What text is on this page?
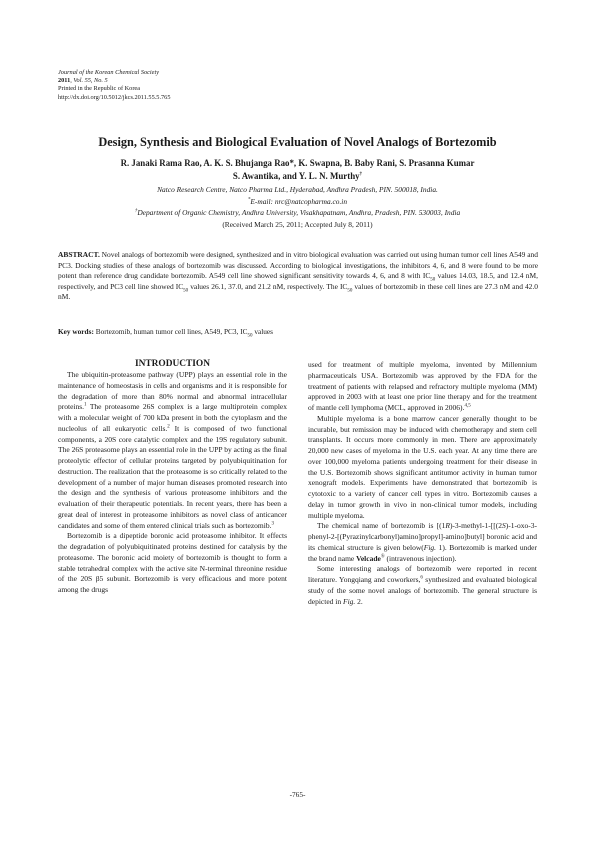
Journal of the Korean Chemical Society
2011, Vol. 55, No. 5
Printed in the Republic of Korea
http://dx.doi.org/10.5012/jkcs.2011.55.5.765
Design, Synthesis and Biological Evaluation of Novel Analogs of Bortezomib
R. Janaki Rama Rao, A. K. S. Bhujanga Rao*, K. Swapna, B. Baby Rani, S. Prasanna Kumar
S. Awantika, and Y. L. N. Murthy†
Natco Research Centre, Natco Pharma Ltd., Hyderabad, Andhra Pradesh, PIN. 500018, India.
*E-mail: nrc@natcopharma.co.in
†Department of Organic Chemistry, Andhra University, Visakhapatnam, Andhra, Pradesh, PIN. 530003, India
(Received March 25, 2011; Accepted July 8, 2011)
ABSTRACT. Novel analogs of bortezomib were designed, synthesized and in vitro biological evaluation was carried out using human tumor cell lines A549 and PC3. Docking studies of these analogs of bortezomib was discussed. According to biological investigations, the inhibitors 4, 6, and 8 were found to be more potent than reference drug candidate bortezomib. A549 cell line showed significant sensitivity towards 4, 6, and 8 with $IC_{50}$ values 14.03, 18.5, and 12.4 nM, respectively, and PC3 cell line showed $IC_{50}$ values 26.1, 37.0, and 21.2 nM, respectively. The $IC_{50}$ values of bortezomib in these cell lines are 27.3 nM and 42.0 nM.
Key words: Bortezomib, human tumor cell lines, A549, PC3, $IC_{50}$ values

INTRODUCTION

The ubiquitin-proteasome pathway (UPP) plays an essential role in the maintenance of homeostasis in cells and organisms and it is responsible for the degradation of more than 80% normal and abnormal intracellular proteins.$^1$ The proteasome 26S complex is a large multiprotein complex with a molecular weight of 700 kDa present in both the cytoplasm and the nucleolus of all eukaryotic cells.$^2$ It is composed of two functional components, a 20S core catalytic complex and the 19S regulatory subunit. The 26S proteasome plays an essential role in the UPP by acting as the final proteolytic effector of cellular proteins targeted by polyubiquitination for destruction. The realization that the proteasome is so critically related to the development of a number of major human diseases promoted research into the design and the synthesis of various proteasome inhibitors and the evaluation of their therapeutic potentials. In recent years, there has been a great deal of interest in proteasome inhibitors as novel class of anticancer candidates and some of them entered clinical trials such as bortezomib.$^3$

Bortezomib is a dipeptide boronic acid proteasome inhibitor. It effects the degradation of polyubiquitinated proteins destined for catalysis by the proteasome. The boronic acid moiety of bortezomib is thought to form a stable tetrahedral complex with the active site N-terminal threonine residue of the 20S β5 subunit. Bortezomib is very efficacious and more potent among the drugs

used for treatment of multiple myeloma, invented by Millennium pharmaceuticals USA. Bortezomib was approved by the FDA for the treatment of patients with relapsed and refractory multiple myeloma (MM) approved in 2003 with at least one prior line therapy and for the treatment of mantle cell lymphoma (MCL, approved in 2006).$^{4,5}$

Multiple myeloma is a bone marrow cancer generally thought to be incurable, but remission may be induced with chemotherapy and stem cell transplants. It occurs more commonly in men. There are approximately 20,000 new cases of myeloma in the U.S. each year. At any time there are over 100,000 myeloma patients undergoing treatment for their disease in the U.S. Bortezomib shows significant antitumor activity in human tumor xenograft models. Experiments have demonstrated that bortezomib is cytotoxic to a variety of cancer cell types in vitro. Bortezomib causes a delay in tumor growth in vivo in non-clinical tumor models, including multiple myeloma.

The chemical name of bortezomib is [(1R)-3-methyl-1-[[(2S)-1-oxo-3-phenyl-2-[(Pyrazinylcarbonyl)amino]propyl]-amino]butyl] boronic acid and its chemical structure is given below(Fig. 1). Bortezomib is marked under the brand name Velcade® (intravenous injection).

Some interesting analogs of bortezomib were reported in recent literature. Yongqiang and coworkers,$^6$ synthesized and evaluated biological study of the some novel analogs of bortezomib. The general structure is depicted in Fig. 2.

-765-
